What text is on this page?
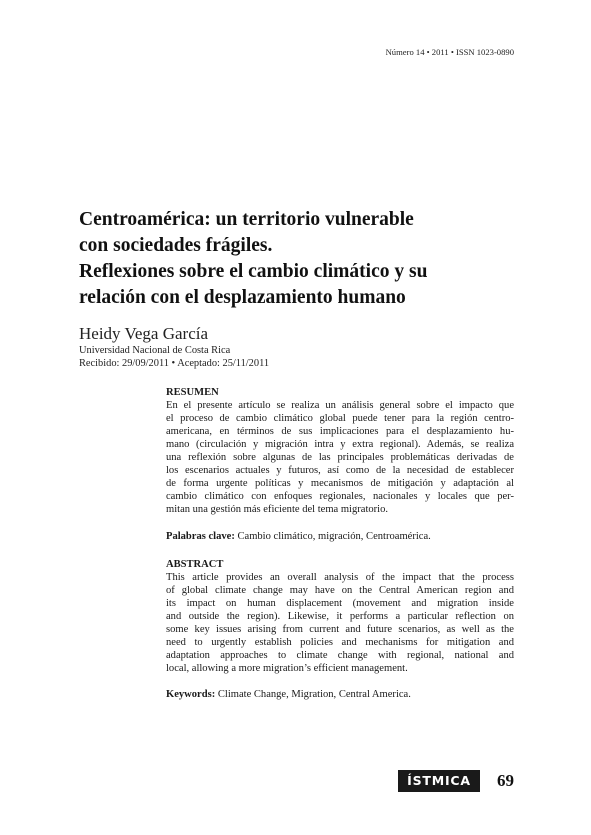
Número 14 • 2011 • ISSN 1023-0890
Centroamérica: un territorio vulnerable
con sociedades frágiles.
Reflexiones sobre el cambio climático y su
relación con el desplazamiento humano
Heidy Vega García
Universidad Nacional de Costa Rica
Recibido: 29/09/2011 • Aceptado: 25/11/2011
RESUMEN
En el presente artículo se realiza un análisis general sobre el impacto que
el proceso de cambio climático global puede tener para la región centro-
americana, en términos de sus implicaciones para el desplazamiento hu-
mano (circulación y migración intra y extra regional). Además, se realiza
una reflexión sobre algunas de las principales problemáticas derivadas de
los escenarios actuales y futuros, así como de la necesidad de establecer
de forma urgente políticas y mecanismos de mitigación y adaptación al
cambio climático con enfoques regionales, nacionales y locales que per-
mitan una gestión más eficiente del tema migratorio.
Palabras clave: Cambio climático, migración, Centroamérica.
ABSTRACT
This article provides an overall analysis of the impact that the process
of global climate change may have on the Central American region and
its impact on human displacement (movement and migration inside
and outside the region). Likewise, it performs a particular reflection on
some key issues arising from current and future scenarios, as well as the
need to urgently establish policies and mechanisms for mitigation and
adaptation approaches to climate change with regional, national and
local, allowing a more migration’s efficient management.
Keywords: Climate Change, Migration, Central America.
ÍSTMICA	69
